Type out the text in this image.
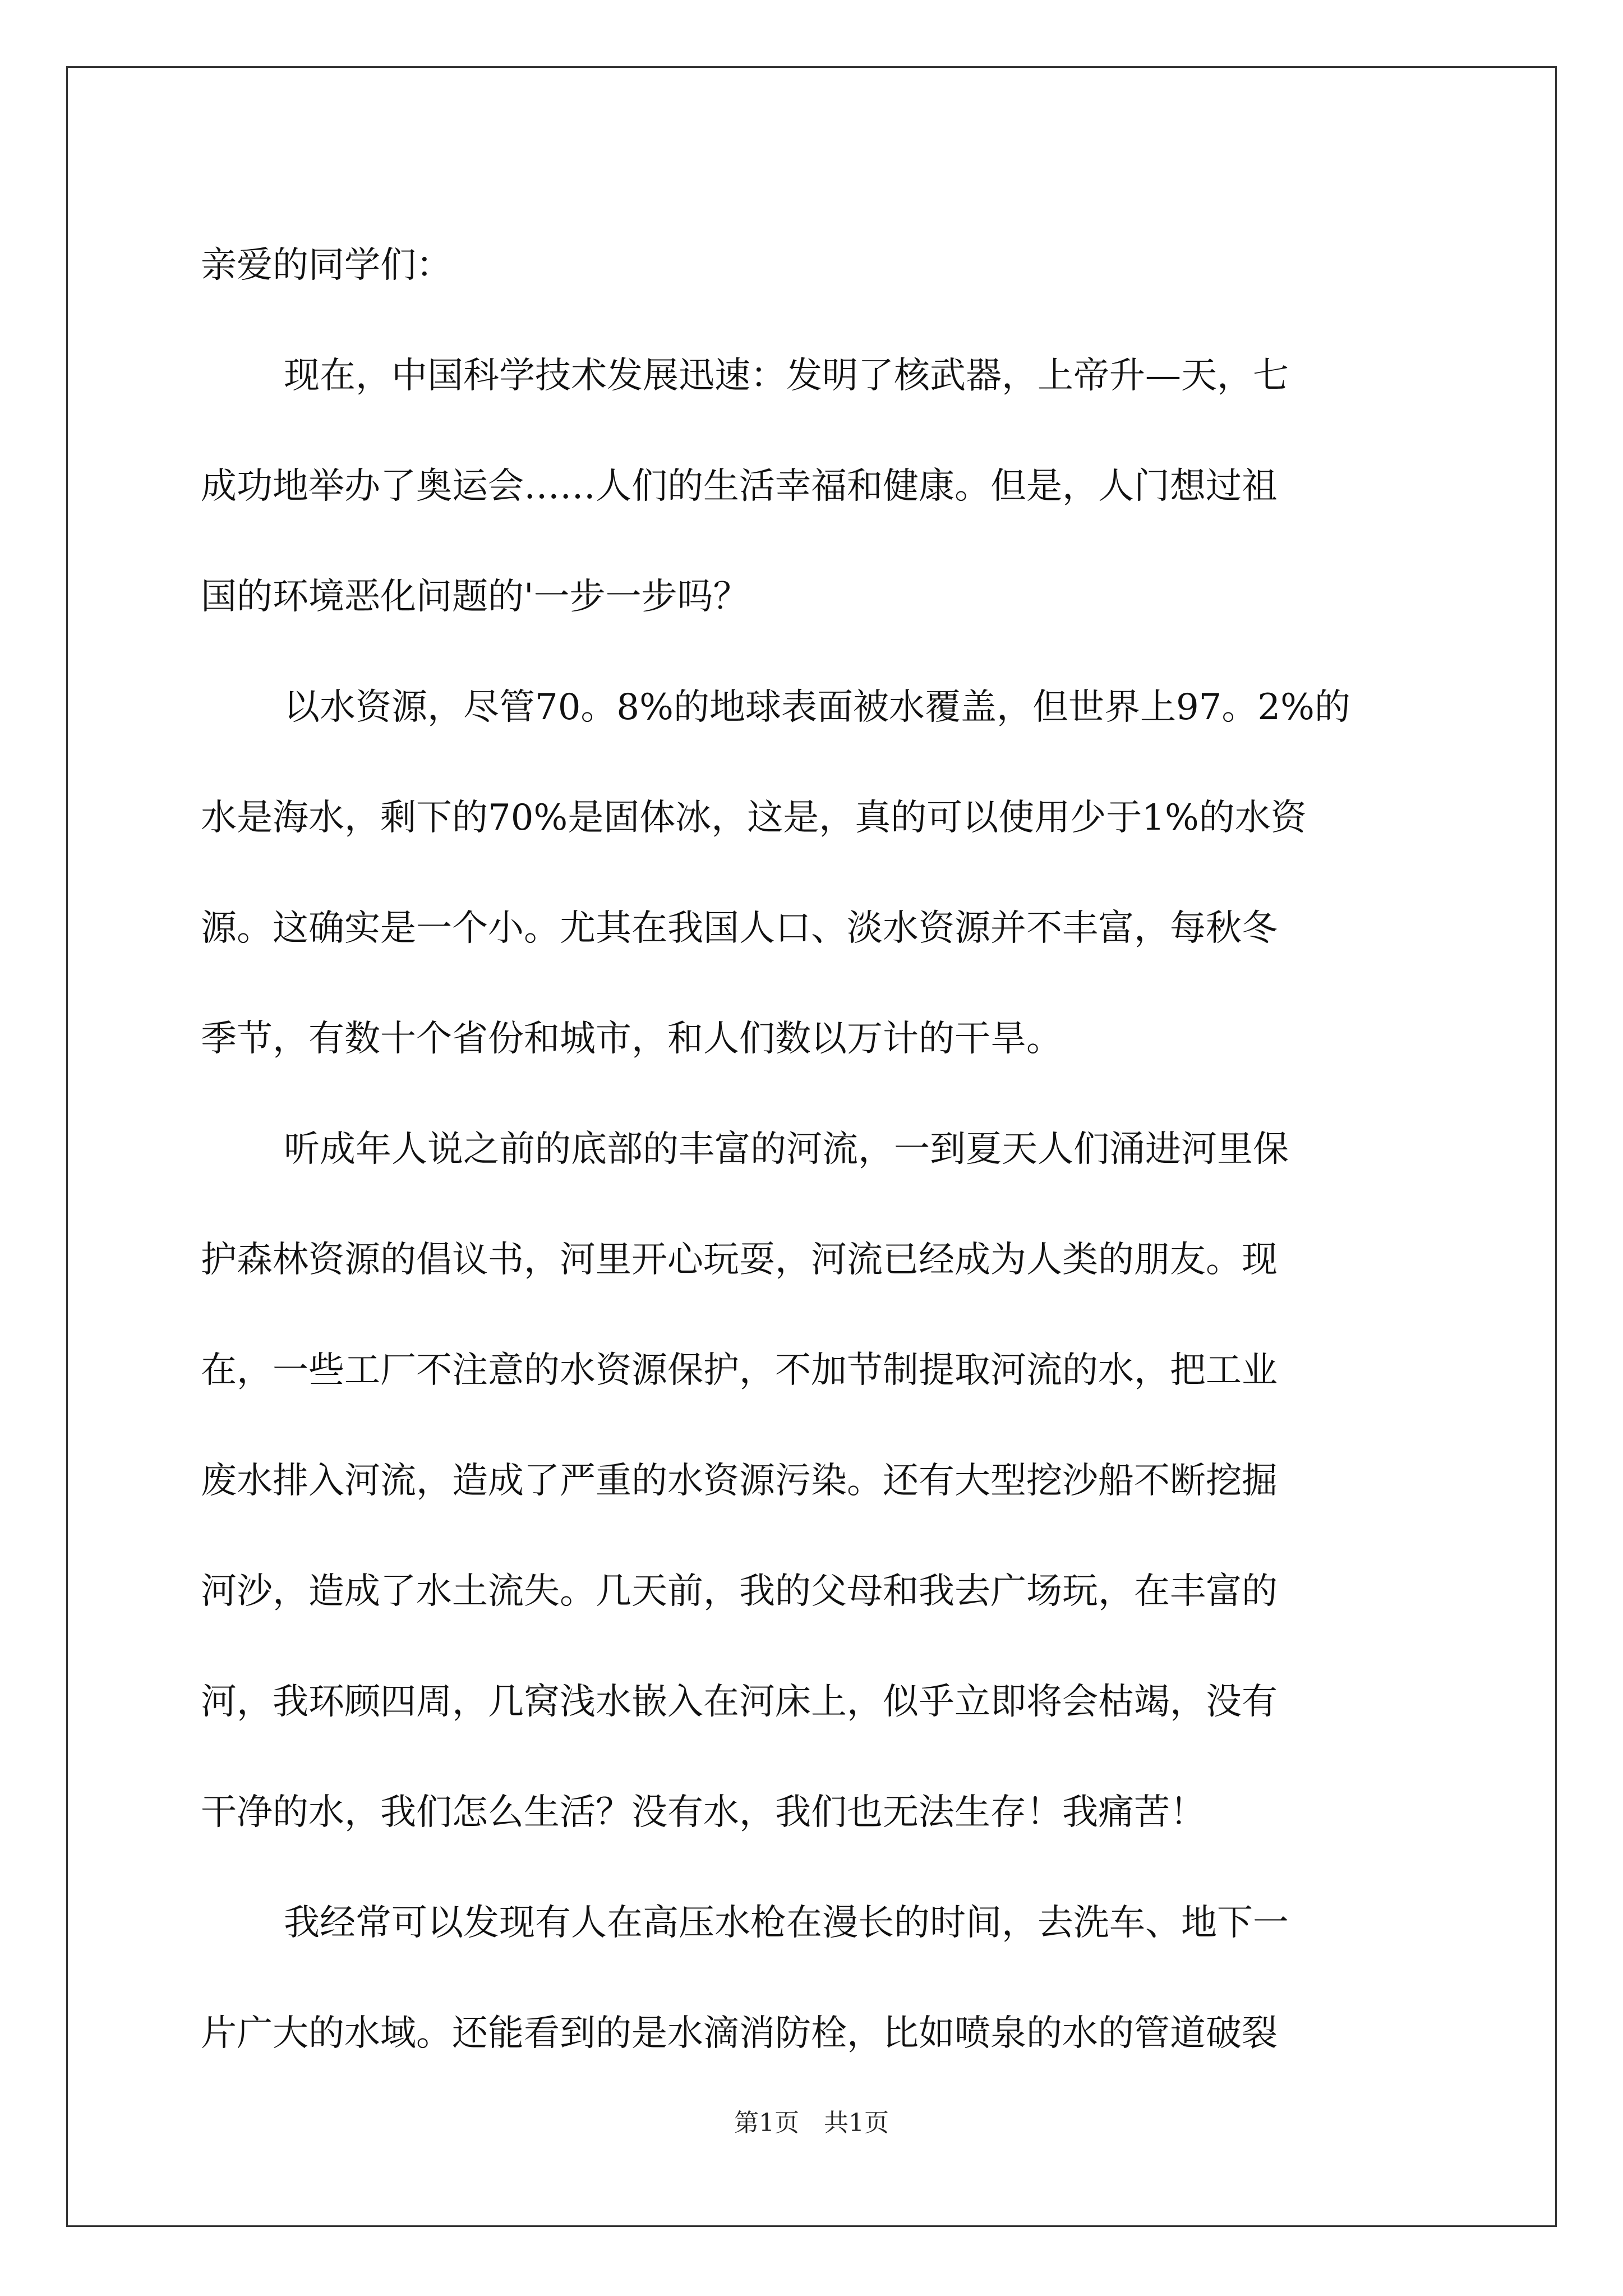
亲爱的同学们：
现在，中国科学技术发展迅速：发明了核武器，上帝升—天，七
成功地举办了奥运会……人们的生活幸福和健康。但是，人门想过祖
国的环境恶化问题的'一步一步吗？
以水资源，尽管70。8%的地球表面被水覆盖，但世界上97。2%的
水是海水，剩下的70%是固体冰，这是，真的可以使用少于1%的水资
源。这确实是一个小。尤其在我国人口、淡水资源并不丰富，每秋冬
季节，有数十个省份和城市，和人们数以万计的干旱。
听成年人说之前的底部的丰富的河流，一到夏天人们涌进河里保
护森林资源的倡议书，河里开心玩耍，河流已经成为人类的朋友。现
在，一些工厂不注意的水资源保护，不加节制提取河流的水，把工业
废水排入河流，造成了严重的水资源污染。还有大型挖沙船不断挖掘
河沙，造成了水土流失。几天前，我的父母和我去广场玩，在丰富的
河，我环顾四周，几窝浅水嵌入在河床上，似乎立即将会枯竭，没有
干净的水，我们怎么生活？没有水，我们也无法生存！我痛苦！
我经常可以发现有人在高压水枪在漫长的时间，去洗车、地下一
片广大的水域。还能看到的是水滴消防栓，比如喷泉的水的管道破裂
第1页　共1页
